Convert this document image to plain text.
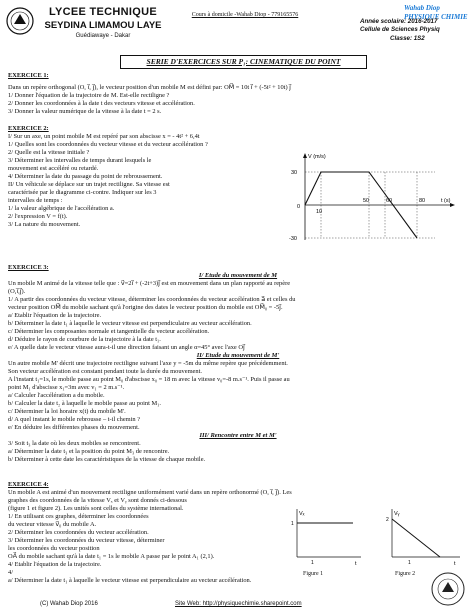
LYCEE TECHNIQUE
SEYDINA LIMAMOU LAYE
Guédiawaye - Dakar
Cours à domicile -Wahab Diop - 779165576
Wahab Diop PHYSIQUE CHIMIE
Année scolaire: 2016-2017
Cellule de Sciences Physiq
Classe: 1S2
SERIE D'EXERCICES SUR P₁: CINEMATIQUE DU POINT
EXERCICE 1:
Dans un repère orthogonal (O, i⃗, j⃗), le vecteur position d'un mobile M est défini par: OM⃗ = 10t i⃗ + (-5t² + 10t) j⃗
1/ Donner l'équation de la trajectoire de M. Est-elle rectiligne ?
2/ Donner les coordonnées à la date t des vecteurs vitesse et accélération.
3/ Donner la valeur numérique de la vitesse à la date t = 2 s.
EXERCICE 2:
I/ Sur un axe, un point mobile M est repéré par son abscisse x = - 4t² + 6,4t
1/ Quelles sont les coordonnées du vecteur vitesse et du vecteur accélération ?
2/ Quelle est la vitesse initiale ?
3/ Déterminer les intervalles de temps durant lesquels le
mouvement est accéléré ou retardé.
4/ Déterminer la date du passage du point de rebroussement.
II/ Un véhicule se déplace sur un trajet rectiligne. Sa vitesse est
caractérisée par le diagramme ci-contre. Indiquer sur les 3
intervalles de temps :
1/ la valeur algébrique de l'accélération a.
2/ l'expression V = f(t).
3/ La nature du mouvement.
V (m/s)
t (s)
30
0
-30
10
50	60	80
EXERCICE 3:
I/ Etude du mouvement de M
Un mobile M animé de la vitesse telle que : v⃗=2i⃗ + (-2t+3)j⃗ est en mouvement dans un plan rapporté au repère
(O,i⃗,j⃗).
1/ A partir des coordonnées du vecteur vitesse, déterminer les coordonnées du vecteur accélération a⃗ et celles du
vecteur position OM⃗ du mobile sachant qu'à l'origine des dates le vecteur position du mobile est OM⃗₀ = -5j⃗.
a/ Etablir l'équation de la trajectoire.
b/ Déterminer la date t₁ à laquelle le vecteur vitesse est perpendiculaire au vecteur accélération.
c/ Déterminer les composantes normale et tangentielle du vecteur accélération.
d/ Déduire le rayon de courbure de la trajectoire à la date t₁.
e/ A quelle date le vecteur vitesse aura-t-il une direction faisant un angle α=45° avec l'axe Oj⃗
II/ Etude du mouvement de M'
Un autre mobile M' décrit une trajectoire rectiligne suivant l'axe y = -5m du même repère que précédemment.
Son vecteur accélération est constant pendant toute la durée du mouvement.
A l'instant t₁=1s, le mobile passe au point M₀ d'abscisse x₀ = 18 m avec la vitesse v₀=-8 m.s⁻¹. Puis il passe au
point M₁ d'abscisse x₁=3m avec v₁ = 2 m.s⁻¹.
a/ Calculer l'accélération a du mobile.
b/ Calculer la date t₂ à laquelle le mobile passe au point M₁.
c/ Déterminer la loi horaire x(t) du mobile M'.
d/ A quel instant le mobile rebrousse – t-il chemin ?
e/ En déduire les différentes phases du mouvement.
III/ Rencontre entre M et M'
3/ Soit t₃ la date où les deux mobiles se rencontrent.
a/ Déterminer la date t₃ et la position du point M₃ de rencontre.
b/ Déterminer à cette date les caractéristiques de la vitesse de chaque mobile.
EXERCICE 4:
Un mobile A est animé d'un mouvement rectiligne uniformément varié dans un repère orthonormé (O, i⃗, j⃗). Les
graphes des coordonnées de la vitesse Vₓ et Vᵧ sont donnés ci-dessous
(figure 1 et figure 2). Les unités sont celles du système international.
1/ En utilisant ces graphes, déterminer les coordonnées
du vecteur vitesse v⃗₀ du mobile A.
2/ Déterminer les coordonnées du vecteur accélération.
3/ Déterminer les coordonnées du vecteur vitesse, déterminer
les coordonnées du vecteur position
OA⃗ du mobile sachant qu'à la date t₁ = 1s le mobile A passe par le point A₁ (2,1).
4/ Etablir l'équation de la trajectoire.
4/
a/ Déterminer la date t₁ à laquelle le vecteur vitesse est perpendiculaire au vecteur accélération.
Vₓ
t
1
1
Figure 1
Vᵧ
t
2
1
Figure 2
(C) Wahab Diop 2016	Site Web: http://physiquechimie.sharepoint.com
